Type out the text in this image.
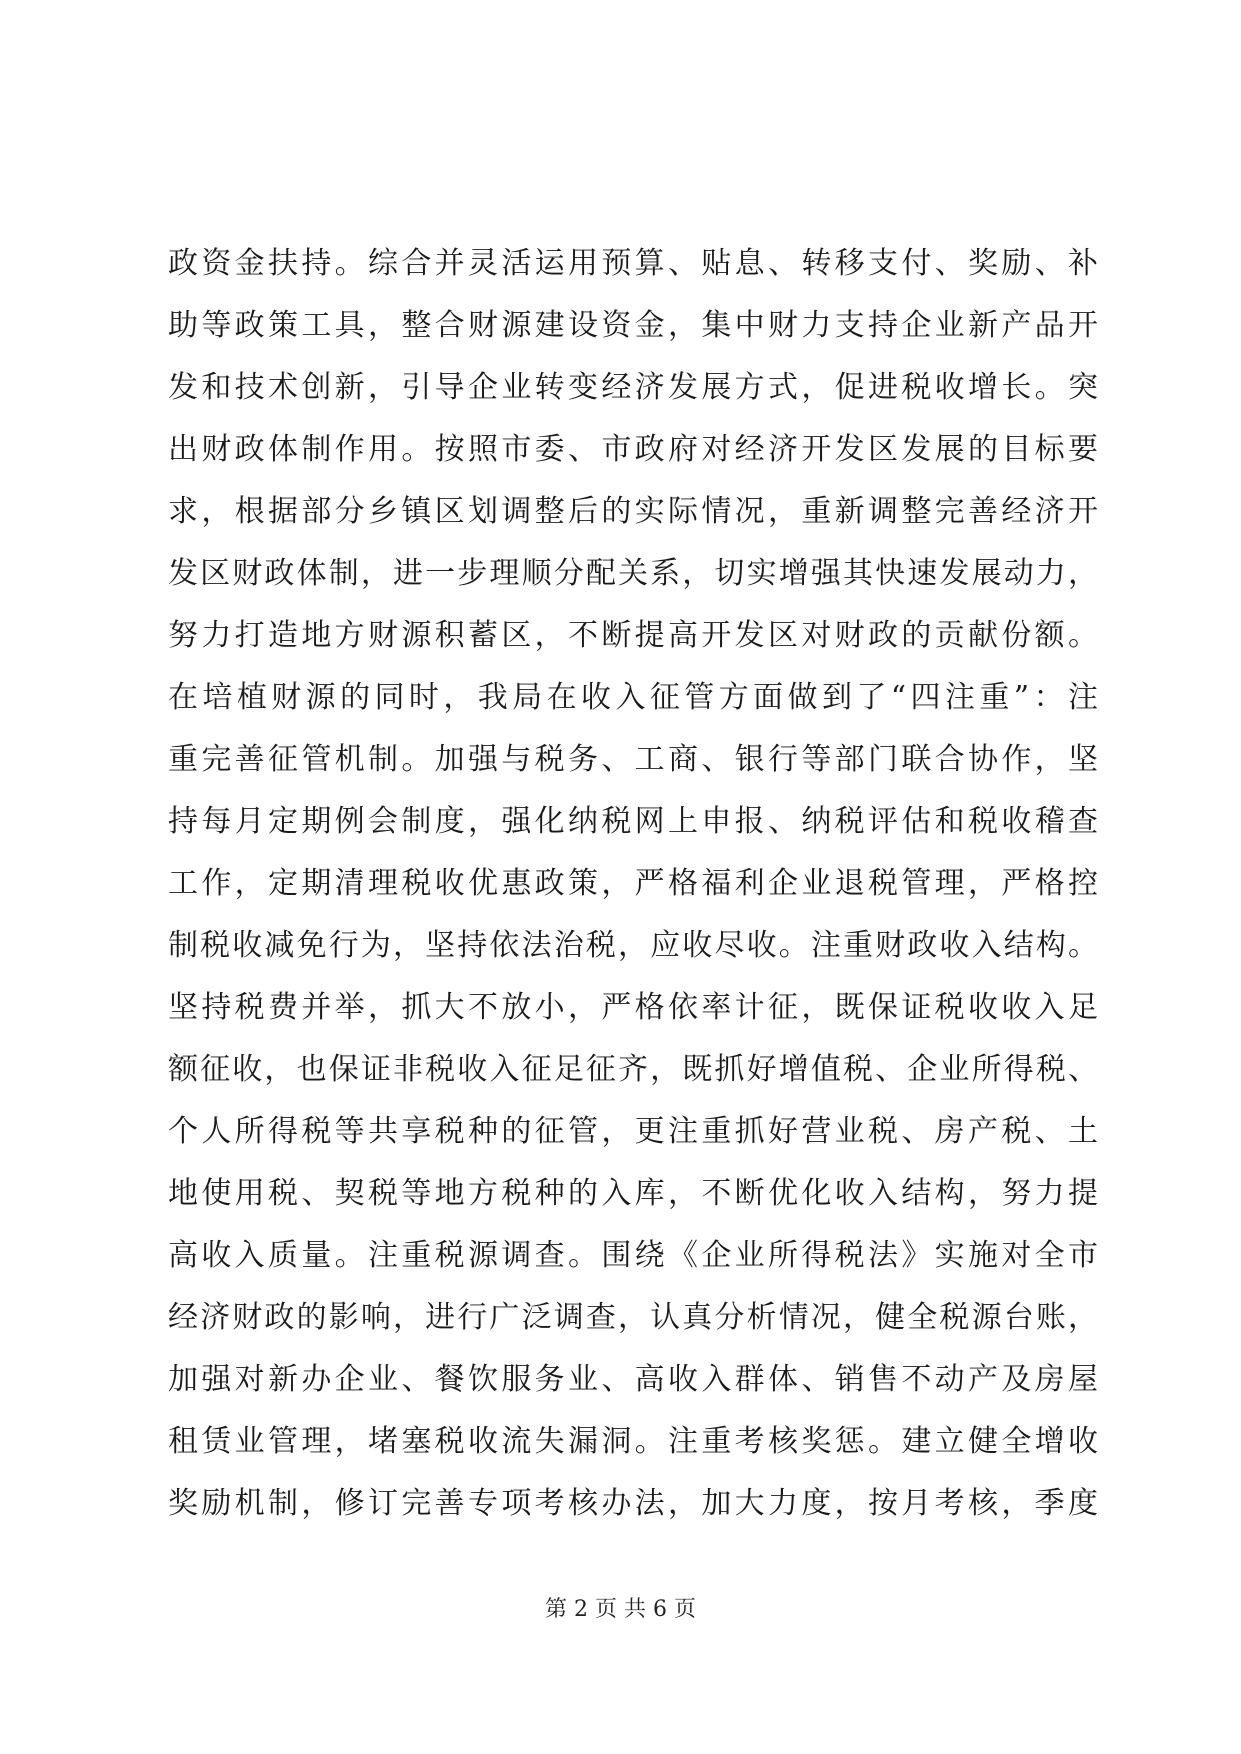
政资金扶持。综合并灵活运用预算、贴息、转移支付、奖励、补
助等政策工具，整合财源建设资金，集中财力支持企业新产品开
发和技术创新，引导企业转变经济发展方式，促进税收增长。突
出财政体制作用。按照市委、市政府对经济开发区发展的目标要
求，根据部分乡镇区划调整后的实际情况，重新调整完善经济开
发区财政体制，进一步理顺分配关系，切实增强其快速发展动力，
努力打造地方财源积蓄区，不断提高开发区对财政的贡献份额。
在培植财源的同时，我局在收入征管方面做到了“四注重”：注
重完善征管机制。加强与税务、工商、银行等部门联合协作，坚
持每月定期例会制度，强化纳税网上申报、纳税评估和税收稽查
工作，定期清理税收优惠政策，严格福利企业退税管理，严格控
制税收减免行为，坚持依法治税，应收尽收。注重财政收入结构。
坚持税费并举，抓大不放小，严格依率计征，既保证税收收入足
额征收，也保证非税收入征足征齐，既抓好增值税、企业所得税、
个人所得税等共享税种的征管，更注重抓好营业税、房产税、土
地使用税、契税等地方税种的入库，不断优化收入结构，努力提
高收入质量。注重税源调查。围绕《企业所得税法》实施对全市
经济财政的影响，进行广泛调查，认真分析情况，健全税源台账，
加强对新办企业、餐饮服务业、高收入群体、销售不动产及房屋
租赁业管理，堵塞税收流失漏洞。注重考核奖惩。建立健全增收
奖励机制，修订完善专项考核办法，加大力度，按月考核，季度
第 2 页 共 6 页
